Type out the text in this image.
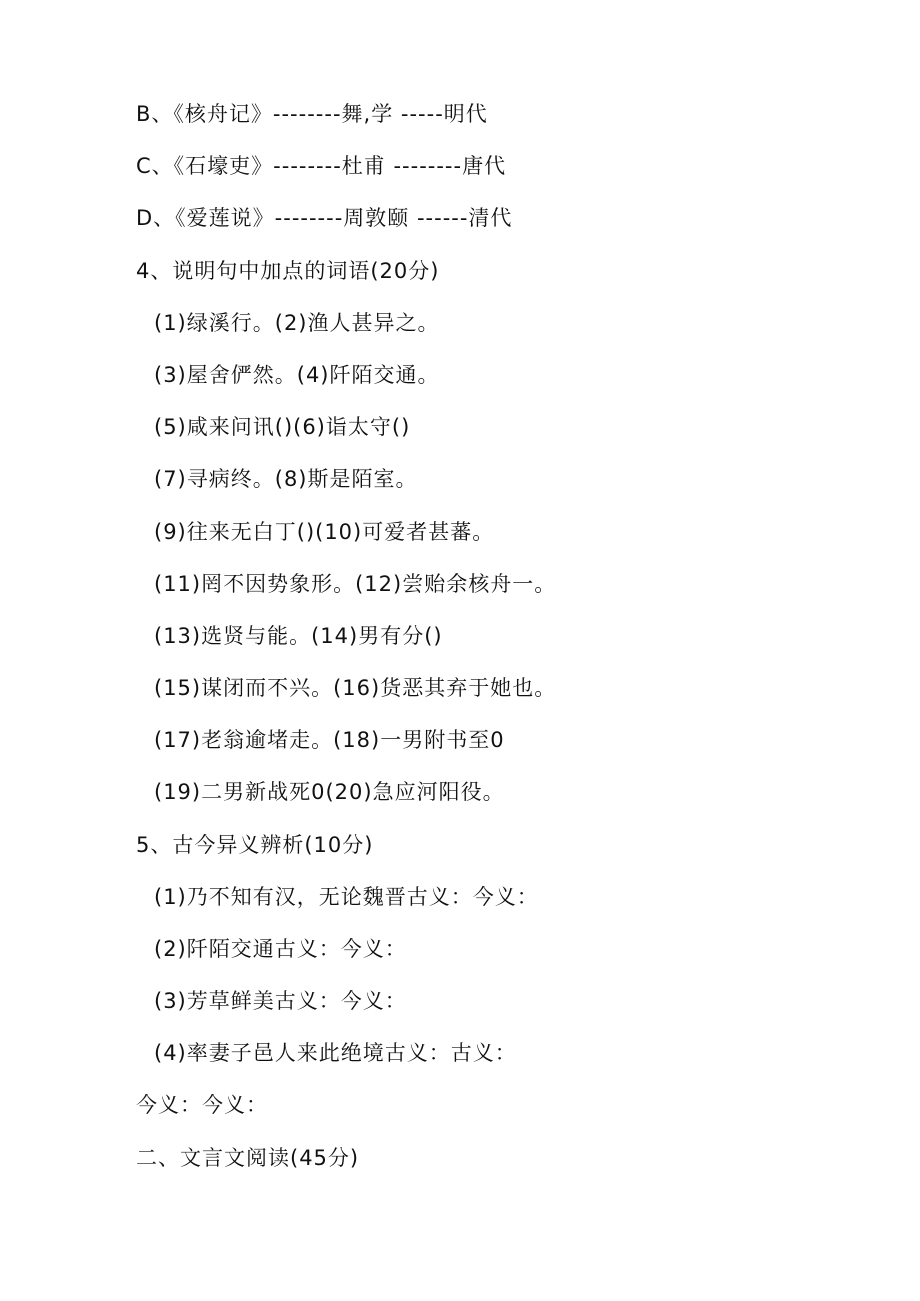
B、《核舟记》--------舞,学 -----明代
C、《石壕吏》--------杜甫 --------唐代
D、《爱莲说》--------周敦颐 ------清代
4、说明句中加点的词语(20分)
(1)绿溪行。(2)渔人甚异之。
(3)屋舍俨然。(4)阡陌交通。
(5)咸来问讯()(6)诣太守()
(7)寻病终。(8)斯是陌室。
(9)往来无白丁()(10)可爱者甚蕃。
(11)罔不因势象形。(12)尝贻余核舟一。
(13)选贤与能。(14)男有分()
(15)谋闭而不兴。(16)货恶其弃于她也。
(17)老翁逾堵走。(18)一男附书至0
(19)二男新战死0(20)急应河阳役。
5、古今异义辨析(10分)
(1)乃不知有汉，无论魏晋古义：今义：
(2)阡陌交通古义：今义：
(3)芳草鲜美古义：今义：
(4)率妻子邑人来此绝境古义：古义：
今义：今义：
二、文言文阅读(45分)
